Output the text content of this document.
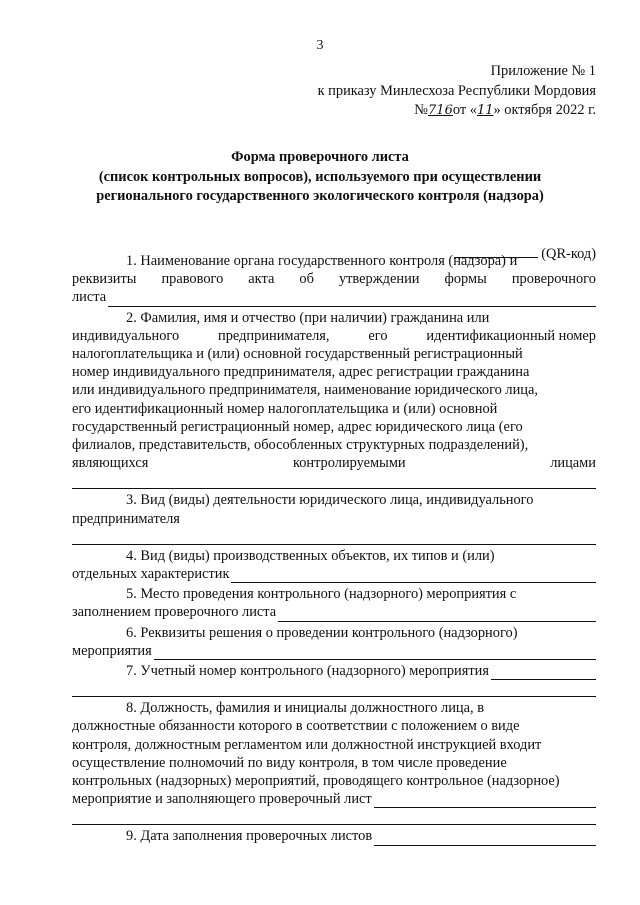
3
Приложение № 1
к приказу Минлесхоза Республики Мордовия
№716от «11» октября 2022 г.
Форма проверочного листа
(список контрольных вопросов), используемого при осуществлении
регионального государственного экологического контроля (надзора)
(QR-код)
1. Наименование органа государственного контроля (надзора) и
реквизиты правового акта об утверждении формы проверочного
листа
2. Фамилия, имя и отчество (при наличии) гражданина или
индивидуального	предпринимателя,	его	идентификационный номер
налогоплательщика и (или) основной государственный регистрационный
номер индивидуального предпринимателя, адрес регистрации гражданина
или индивидуального предпринимателя, наименование юридического лица,
его идентификационный номер налогоплательщика и (или) основной
государственный регистрационный номер, адрес юридического лица (его
филиалов, представительств, обособленных структурных подразделений),
являющихся	контролируемыми	лицами
3. Вид (виды) деятельности юридического лица, индивидуального
предпринимателя
4. Вид (виды) производственных объектов, их типов и (или)
отдельных характеристик
5. Место проведения контрольного (надзорного) мероприятия с
заполнением проверочного листа
6. Реквизиты решения о проведении контрольного (надзорного)
мероприятия
7. Учетный номер контрольного (надзорного) мероприятия
8. Должность, фамилия и инициалы должностного лица, в
должностные обязанности которого в соответствии с положением о виде
контроля, должностным регламентом или должностной инструкцией входит
осуществление полномочий по виду контроля, в том числе проведение
контрольных (надзорных) мероприятий, проводящего контрольное (надзорное)
мероприятие и заполняющего проверочный лист
9. Дата заполнения проверочных листов
